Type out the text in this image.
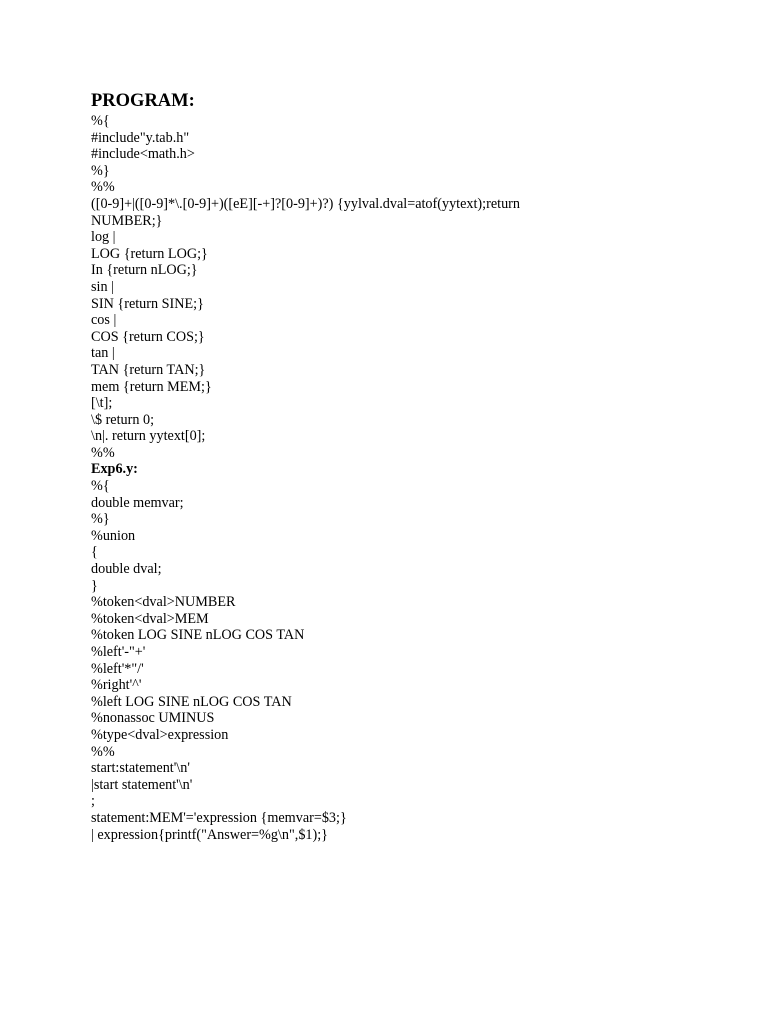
PROGRAM:
%{
#include"y.tab.h"
#include<math.h>
%}
%%
([0-9]+|([0-9]*\.[0-9]+)([eE][-+]?[0-9]+)?) {yylval.dval=atof(yytext);return
NUMBER;}
log |
LOG {return LOG;}
In {return nLOG;}
sin |
SIN {return SINE;}
cos |
COS {return COS;}
tan |
TAN {return TAN;}
mem {return MEM;}
[\t];
\$ return 0;
\n|. return yytext[0];
%%
Exp6.y:
%{
double memvar;
%}
%union
{
double dval;
}
%token<dval>NUMBER
%token<dval>MEM
%token LOG SINE nLOG COS TAN
%left'-"+'
%left'*"/'
%right'^'
%left LOG SINE nLOG COS TAN
%nonassoc UMINUS
%type<dval>expression
%%
start:statement'\n'
|start statement'\n'
;
statement:MEM'='expression {memvar=$3;}
| expression{printf("Answer=%g\n",$1);}
